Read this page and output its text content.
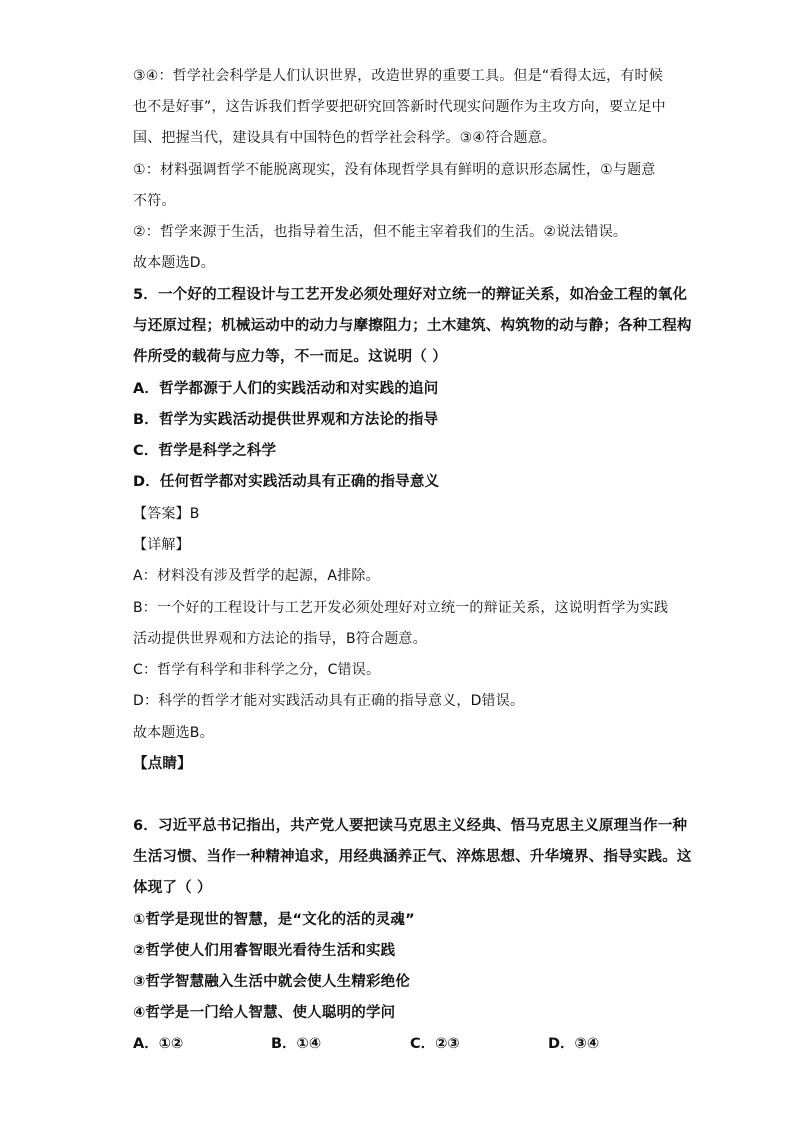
③④：哲学社会科学是人们认识世界，改造世界的重要工具。但是“看得太远，有时候
也不是好事”，这告诉我们哲学要把研究回答新时代现实问题作为主攻方向，要立足中
国、把握当代，建设具有中国特色的哲学社会科学。③④符合题意。
①：材料强调哲学不能脱离现实，没有体现哲学具有鲜明的意识形态属性，①与题意
不符。
②：哲学来源于生活，也指导着生活，但不能主宰着我们的生活。②说法错误。
故本题选D。
5．一个好的工程设计与工艺开发必须处理好对立统一的辩证关系，如冶金工程的氧化
与还原过程；机械运动中的动力与摩擦阻力；土木建筑、构筑物的动与静；各种工程构
件所受的载荷与应力等，不一而足。这说明（ ）
A．哲学都源于人们的实践活动和对实践的追问
B．哲学为实践活动提供世界观和方法论的指导
C．哲学是科学之科学
D．任何哲学都对实践活动具有正确的指导意义
【答案】B
【详解】
A：材料没有涉及哲学的起源，A排除。
B：一个好的工程设计与工艺开发必须处理好对立统一的辩证关系，这说明哲学为实践
活动提供世界观和方法论的指导，B符合题意。
C：哲学有科学和非科学之分，C错误。
D：科学的哲学才能对实践活动具有正确的指导意义，D错误。
故本题选B。
【点睛】
6．习近平总书记指出，共产党人要把读马克思主义经典、悟马克思主义原理当作一种
生活习惯、当作一种精神追求，用经典涵养正气、淬炼思想、升华境界、指导实践。这
体现了（ ）
①哲学是现世的智慧，是“文化的活的灵魂”
②哲学使人们用睿智眼光看待生活和实践
③哲学智慧融入生活中就会使人生精彩绝伦
④哲学是一门给人智慧、使人聪明的学问
A．①②	B．①④	C．②③	D．③④
